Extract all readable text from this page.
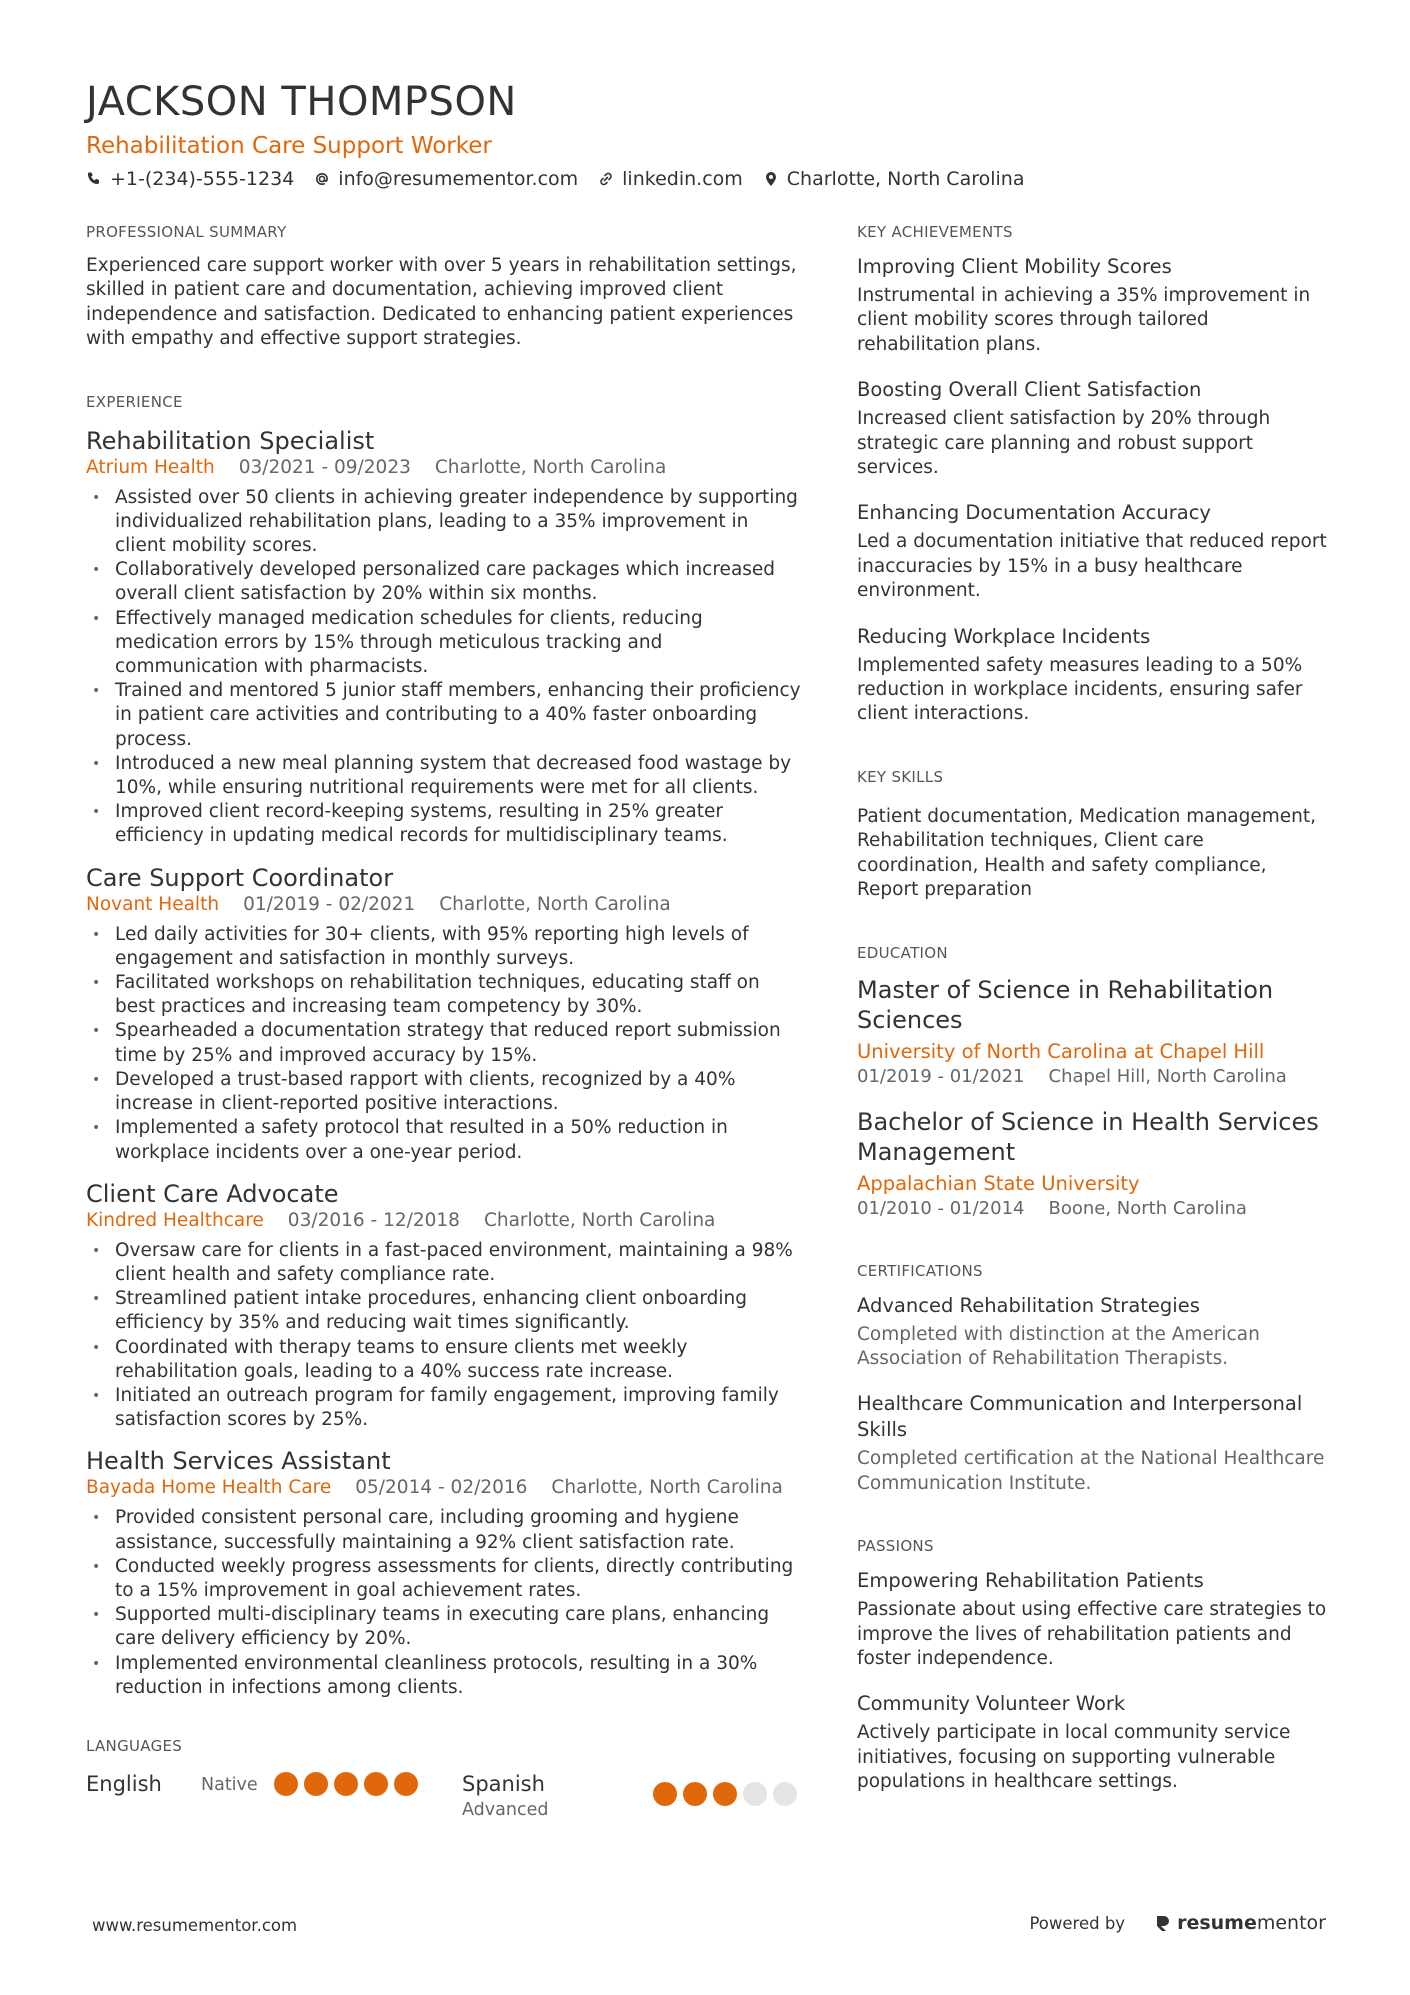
JACKSON THOMPSON
Rehabilitation Care Support Worker
+1-(234)-555-1234 info@resumementor.com linkedin.com Charlotte, North Carolina
PROFESSIONAL SUMMARY
Experienced care support worker with over 5 years in rehabilitation settings, skilled in patient care and documentation, achieving improved client independence and satisfaction. Dedicated to enhancing patient experiences with empathy and effective support strategies.
EXPERIENCE
Rehabilitation Specialist
Atrium Health 03/2021 - 09/2023 Charlotte, North Carolina
• Assisted over 50 clients in achieving greater independence by supporting individualized rehabilitation plans, leading to a 35% improvement in client mobility scores.
• Collaboratively developed personalized care packages which increased overall client satisfaction by 20% within six months.
• Effectively managed medication schedules for clients, reducing medication errors by 15% through meticulous tracking and communication with pharmacists.
• Trained and mentored 5 junior staff members, enhancing their proficiency in patient care activities and contributing to a 40% faster onboarding process.
• Introduced a new meal planning system that decreased food wastage by 10%, while ensuring nutritional requirements were met for all clients.
• Improved client record-keeping systems, resulting in 25% greater efficiency in updating medical records for multidisciplinary teams.
Care Support Coordinator
Novant Health 01/2019 - 02/2021 Charlotte, North Carolina
• Led daily activities for 30+ clients, with 95% reporting high levels of engagement and satisfaction in monthly surveys.
• Facilitated workshops on rehabilitation techniques, educating staff on best practices and increasing team competency by 30%.
• Spearheaded a documentation strategy that reduced report submission time by 25% and improved accuracy by 15%.
• Developed a trust-based rapport with clients, recognized by a 40% increase in client-reported positive interactions.
• Implemented a safety protocol that resulted in a 50% reduction in workplace incidents over a one-year period.
Client Care Advocate
Kindred Healthcare 03/2016 - 12/2018 Charlotte, North Carolina
• Oversaw care for clients in a fast-paced environment, maintaining a 98% client health and safety compliance rate.
• Streamlined patient intake procedures, enhancing client onboarding efficiency by 35% and reducing wait times significantly.
• Coordinated with therapy teams to ensure clients met weekly rehabilitation goals, leading to a 40% success rate increase.
• Initiated an outreach program for family engagement, improving family satisfaction scores by 25%.
Health Services Assistant
Bayada Home Health Care 05/2014 - 02/2016 Charlotte, North Carolina
• Provided consistent personal care, including grooming and hygiene assistance, successfully maintaining a 92% client satisfaction rate.
• Conducted weekly progress assessments for clients, directly contributing to a 15% improvement in goal achievement rates.
• Supported multi-disciplinary teams in executing care plans, enhancing care delivery efficiency by 20%.
• Implemented environmental cleanliness protocols, resulting in a 30% reduction in infections among clients.
LANGUAGES
English	Native	Spanish
Advanced
KEY ACHIEVEMENTS
Improving Client Mobility Scores
Instrumental in achieving a 35% improvement in client mobility scores through tailored rehabilitation plans.
Boosting Overall Client Satisfaction
Increased client satisfaction by 20% through strategic care planning and robust support services.
Enhancing Documentation Accuracy
Led a documentation initiative that reduced report inaccuracies by 15% in a busy healthcare environment.
Reducing Workplace Incidents
Implemented safety measures leading to a 50% reduction in workplace incidents, ensuring safer client interactions.
KEY SKILLS
Patient documentation, Medication management, Rehabilitation techniques, Client care coordination, Health and safety compliance, Report preparation
EDUCATION
Master of Science in Rehabilitation Sciences
University of North Carolina at Chapel Hill
01/2019 - 01/2021 Chapel Hill, North Carolina
Bachelor of Science in Health Services Management
Appalachian State University
01/2010 - 01/2014 Boone, North Carolina
CERTIFICATIONS
Advanced Rehabilitation Strategies
Completed with distinction at the American Association of Rehabilitation Therapists.
Healthcare Communication and Interpersonal Skills
Completed certification at the National Healthcare Communication Institute.
PASSIONS
Empowering Rehabilitation Patients
Passionate about using effective care strategies to improve the lives of rehabilitation patients and foster independence.
Community Volunteer Work
Actively participate in local community service initiatives, focusing on supporting vulnerable populations in healthcare settings.
www.resumementor.com	Powered by	resumementor
